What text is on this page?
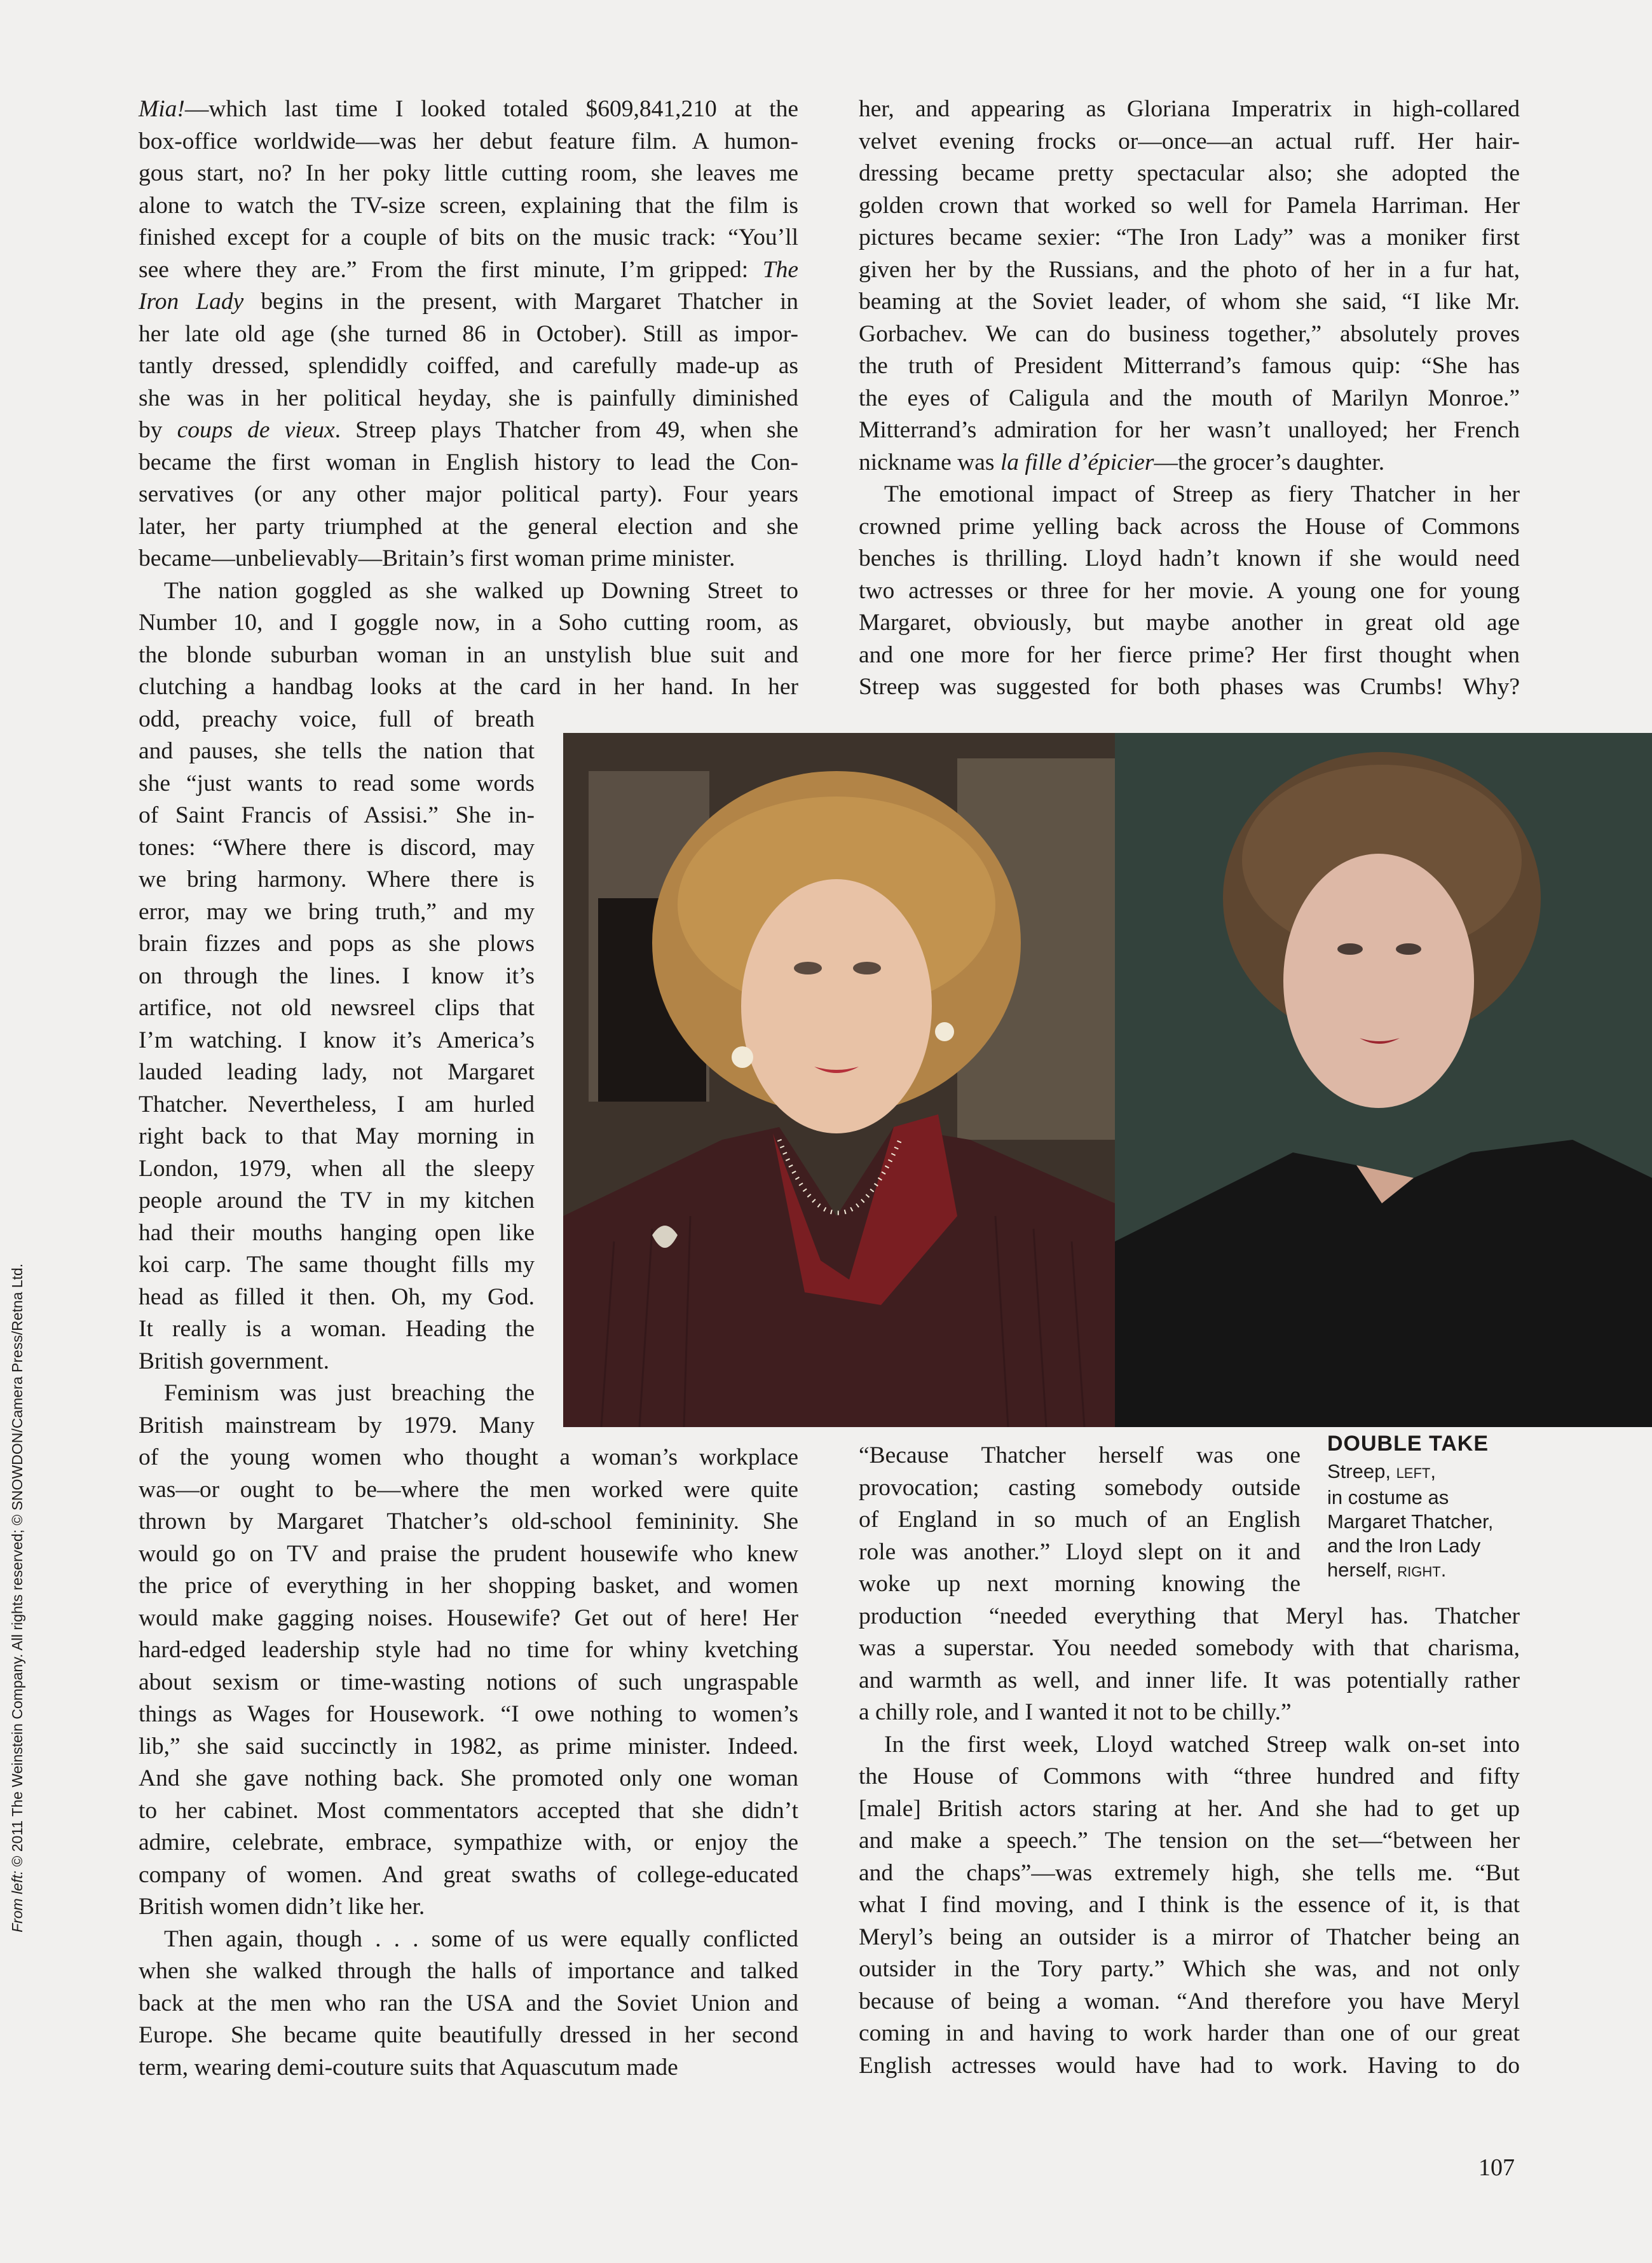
Mia!—which last time I looked totaled $609,841,210 at the
box-office worldwide—was her debut feature film. A humon-
gous start, no? In her poky little cutting room, she leaves me
alone to watch the TV-size screen, explaining that the film is
finished except for a couple of bits on the music track: “You’ll
see where they are.” From the first minute, I’m gripped: The
Iron Lady begins in the present, with Margaret Thatcher in
her late old age (she turned 86 in October). Still as impor-
tantly dressed, splendidly coiffed, and carefully made-up as
she was in her political heyday, she is painfully diminished
by coups de vieux. Streep plays Thatcher from 49, when she
became the first woman in English history to lead the Con-
servatives (or any other major political party). Four years
later, her party triumphed at the general election and she
became—unbelievably—Britain’s first woman prime minister.
The nation goggled as she walked up Downing Street to
Number 10, and I goggle now, in a Soho cutting room, as
the blonde suburban woman in an unstylish blue suit and
clutching a handbag looks at the card in her hand. In her
odd, preachy voice, full of breath
and pauses, she tells the nation that
she “just wants to read some words
of Saint Francis of Assisi.” She in-
tones: “Where there is discord, may
we bring harmony. Where there is
error, may we bring truth,” and my
brain fizzes and pops as she plows
on through the lines. I know it’s
artifice, not old newsreel clips that
I’m watching. I know it’s America’s
lauded leading lady, not Margaret
Thatcher. Nevertheless, I am hurled
right back to that May morning in
London, 1979, when all the sleepy
people around the TV in my kitchen
had their mouths hanging open like
koi carp. The same thought fills my
head as filled it then. Oh, my God.
It really is a woman. Heading the
British government.
Feminism was just breaching the
British mainstream by 1979. Many
of the young women who thought a woman’s workplace
was—or ought to be—where the men worked were quite
thrown by Margaret Thatcher’s old-school femininity. She
would go on TV and praise the prudent housewife who knew
the price of everything in her shopping basket, and women
would make gagging noises. Housewife? Get out of here! Her
hard-edged leadership style had no time for whiny kvetching
about sexism or time-wasting notions of such ungraspable
things as Wages for Housework. “I owe nothing to women’s
lib,” she said succinctly in 1982, as prime minister. Indeed.
And she gave nothing back. She promoted only one woman
to her cabinet. Most commentators accepted that she didn’t
admire, celebrate, embrace, sympathize with, or enjoy the
company of women. And great swaths of college-educated
British women didn’t like her.
Then again, though . . . some of us were equally conflicted
when she walked through the halls of importance and talked
back at the men who ran the USA and the Soviet Union and
Europe. She became quite beautifully dressed in her second
term, wearing demi-couture suits that Aquascutum made
her, and appearing as Gloriana Imperatrix in high-collared
velvet evening frocks or—once—an actual ruff. Her hair-
dressing became pretty spectacular also; she adopted the
golden crown that worked so well for Pamela Harriman. Her
pictures became sexier: “The Iron Lady” was a moniker first
given her by the Russians, and the photo of her in a fur hat,
beaming at the Soviet leader, of whom she said, “I like Mr.
Gorbachev. We can do business together,” absolutely proves
the truth of President Mitterrand’s famous quip: “She has
the eyes of Caligula and the mouth of Marilyn Monroe.”
Mitterrand’s admiration for her wasn’t unalloyed; her French
nickname was la fille d’épicier—the grocer’s daughter.
The emotional impact of Streep as fiery Thatcher in her
crowned prime yelling back across the House of Commons
benches is thrilling. Lloyd hadn’t known if she would need
two actresses or three for her movie. A young one for young
Margaret, obviously, but maybe another in great old age
and one more for her fierce prime? Her first thought when
Streep was suggested for both phases was Crumbs! Why?
“Because Thatcher herself was one
provocation; casting somebody outside
of England in so much of an English
role was another.” Lloyd slept on it and
woke up next morning knowing the
production “needed everything that Meryl has. Thatcher
was a superstar. You needed somebody with that charisma,
and warmth as well, and inner life. It was potentially rather
a chilly role, and I wanted it not to be chilly.”
In the first week, Lloyd watched Streep walk on-set into
the House of Commons with “three hundred and fifty
[male] British actors staring at her. And she had to get up
and make a speech.” The tension on the set—“between her
and the chaps”—was extremely high, she tells me. “But
what I find moving, and I think is the essence of it, is that
Meryl’s being an outsider is a mirror of Thatcher being an
outsider in the Tory party.” Which she was, and not only
because of being a woman. “And therefore you have Meryl
coming in and having to work harder than one of our great
English actresses would have had to work. Having to do
DOUBLE TAKE
Streep, LEFT,
in costume as
Margaret Thatcher,
and the Iron Lady
herself, RIGHT.
From left: © 2011 The Weinstein Company. All rights reserved; © SNOWDON/Camera Press/Retna Ltd.
107
